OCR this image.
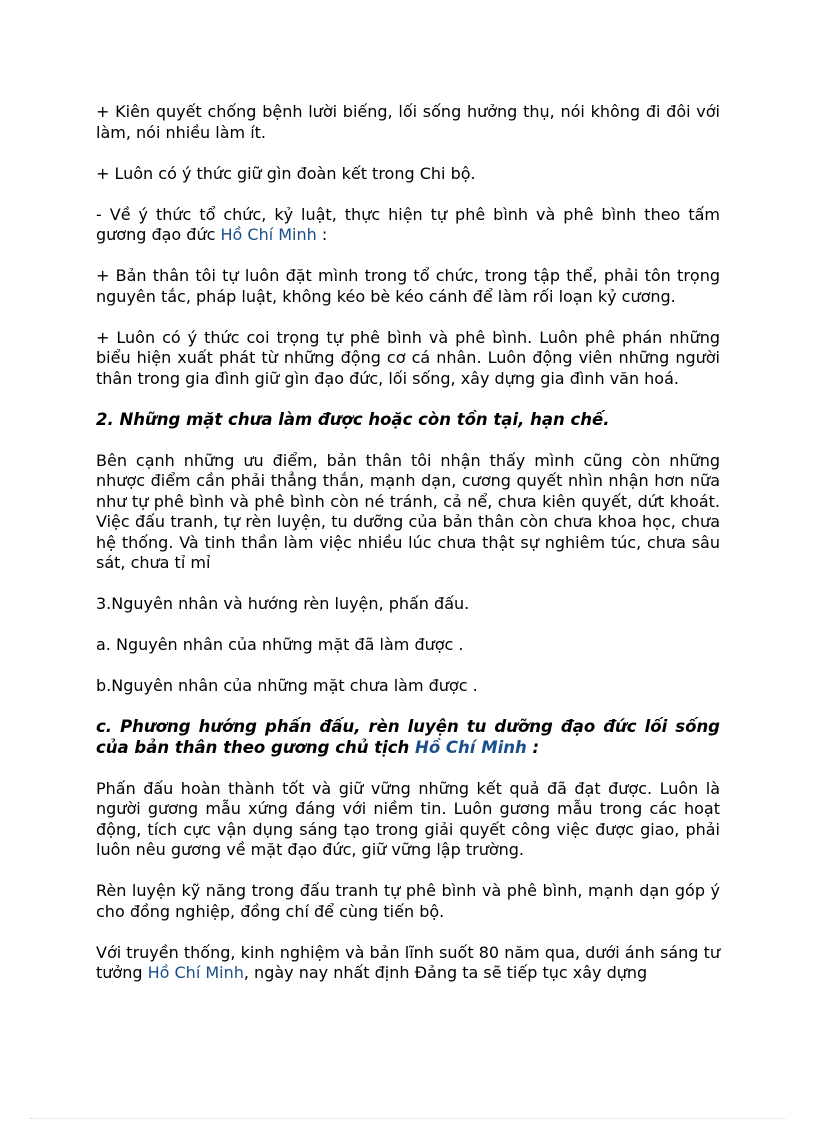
+ Kiên quyết chống bệnh lười biếng, lối sống hưởng thụ, nói không đi đôi với làm, nói nhiều làm ít.

+ Luôn có ý thức giữ gìn đoàn kết trong Chi bộ.

- Về ý thức tổ chức, kỷ luật, thực hiện tự phê bình và phê bình theo tấm gương đạo đức Hồ Chí Minh :

+ Bản thân tôi tự luôn đặt mình trong tổ chức, trong tập thể, phải tôn trọng nguyên tắc, pháp luật, không kéo bè kéo cánh để làm rối loạn kỷ cương.

+ Luôn có ý thức coi trọng tự phê bình và phê bình. Luôn phê phán những biểu hiện xuất phát từ những động cơ cá nhân. Luôn động viên những người thân trong gia đình giữ gìn đạo đức, lối sống, xây dựng gia đình văn hoá.

2. Những mặt chưa làm được hoặc còn tồn tại, hạn chế.

Bên cạnh những ưu điểm, bản thân tôi nhận thấy mình cũng còn những nhược điểm cần phải thẳng thắn, mạnh dạn, cương quyết nhìn nhận hơn nữa như tự phê bình và phê bình còn né tránh, cả nể, chưa kiên quyết, dứt khoát. Việc đấu tranh, tự rèn luyện, tu dưỡng của bản thân còn chưa khoa học, chưa hệ thống. Và tinh thần làm việc nhiều lúc chưa thật sự nghiêm túc, chưa sâu sát, chưa tỉ mỉ

3.Nguyên nhân và hướng rèn luyện, phấn đấu.

a. Nguyên nhân của những mặt đã làm được .

b.Nguyên nhân của những mặt chưa làm được .

c. Phương hướng phấn đấu, rèn luyện tu dưỡng đạo đức lối sống của bản thân theo gương chủ tịch Hồ Chí Minh :

Phấn đấu hoàn thành tốt và giữ vững những kết quả đã đạt được. Luôn là người gương mẫu xứng đáng với niềm tin. Luôn gương mẫu trong các hoạt động, tích cực vận dụng sáng tạo trong giải quyết công việc được giao, phải luôn nêu gương về mặt đạo đức, giữ vững lập trường.

Rèn luyện kỹ năng trong đấu tranh tự phê bình và phê bình, mạnh dạn góp ý cho đồng nghiệp, đồng chí để cùng tiến bộ.

Với truyền thống, kinh nghiệm và bản lĩnh suốt 80 năm qua, dưới ánh sáng tư tưởng Hồ Chí Minh, ngày nay nhất định Đảng ta sẽ tiếp tục xây dựng
